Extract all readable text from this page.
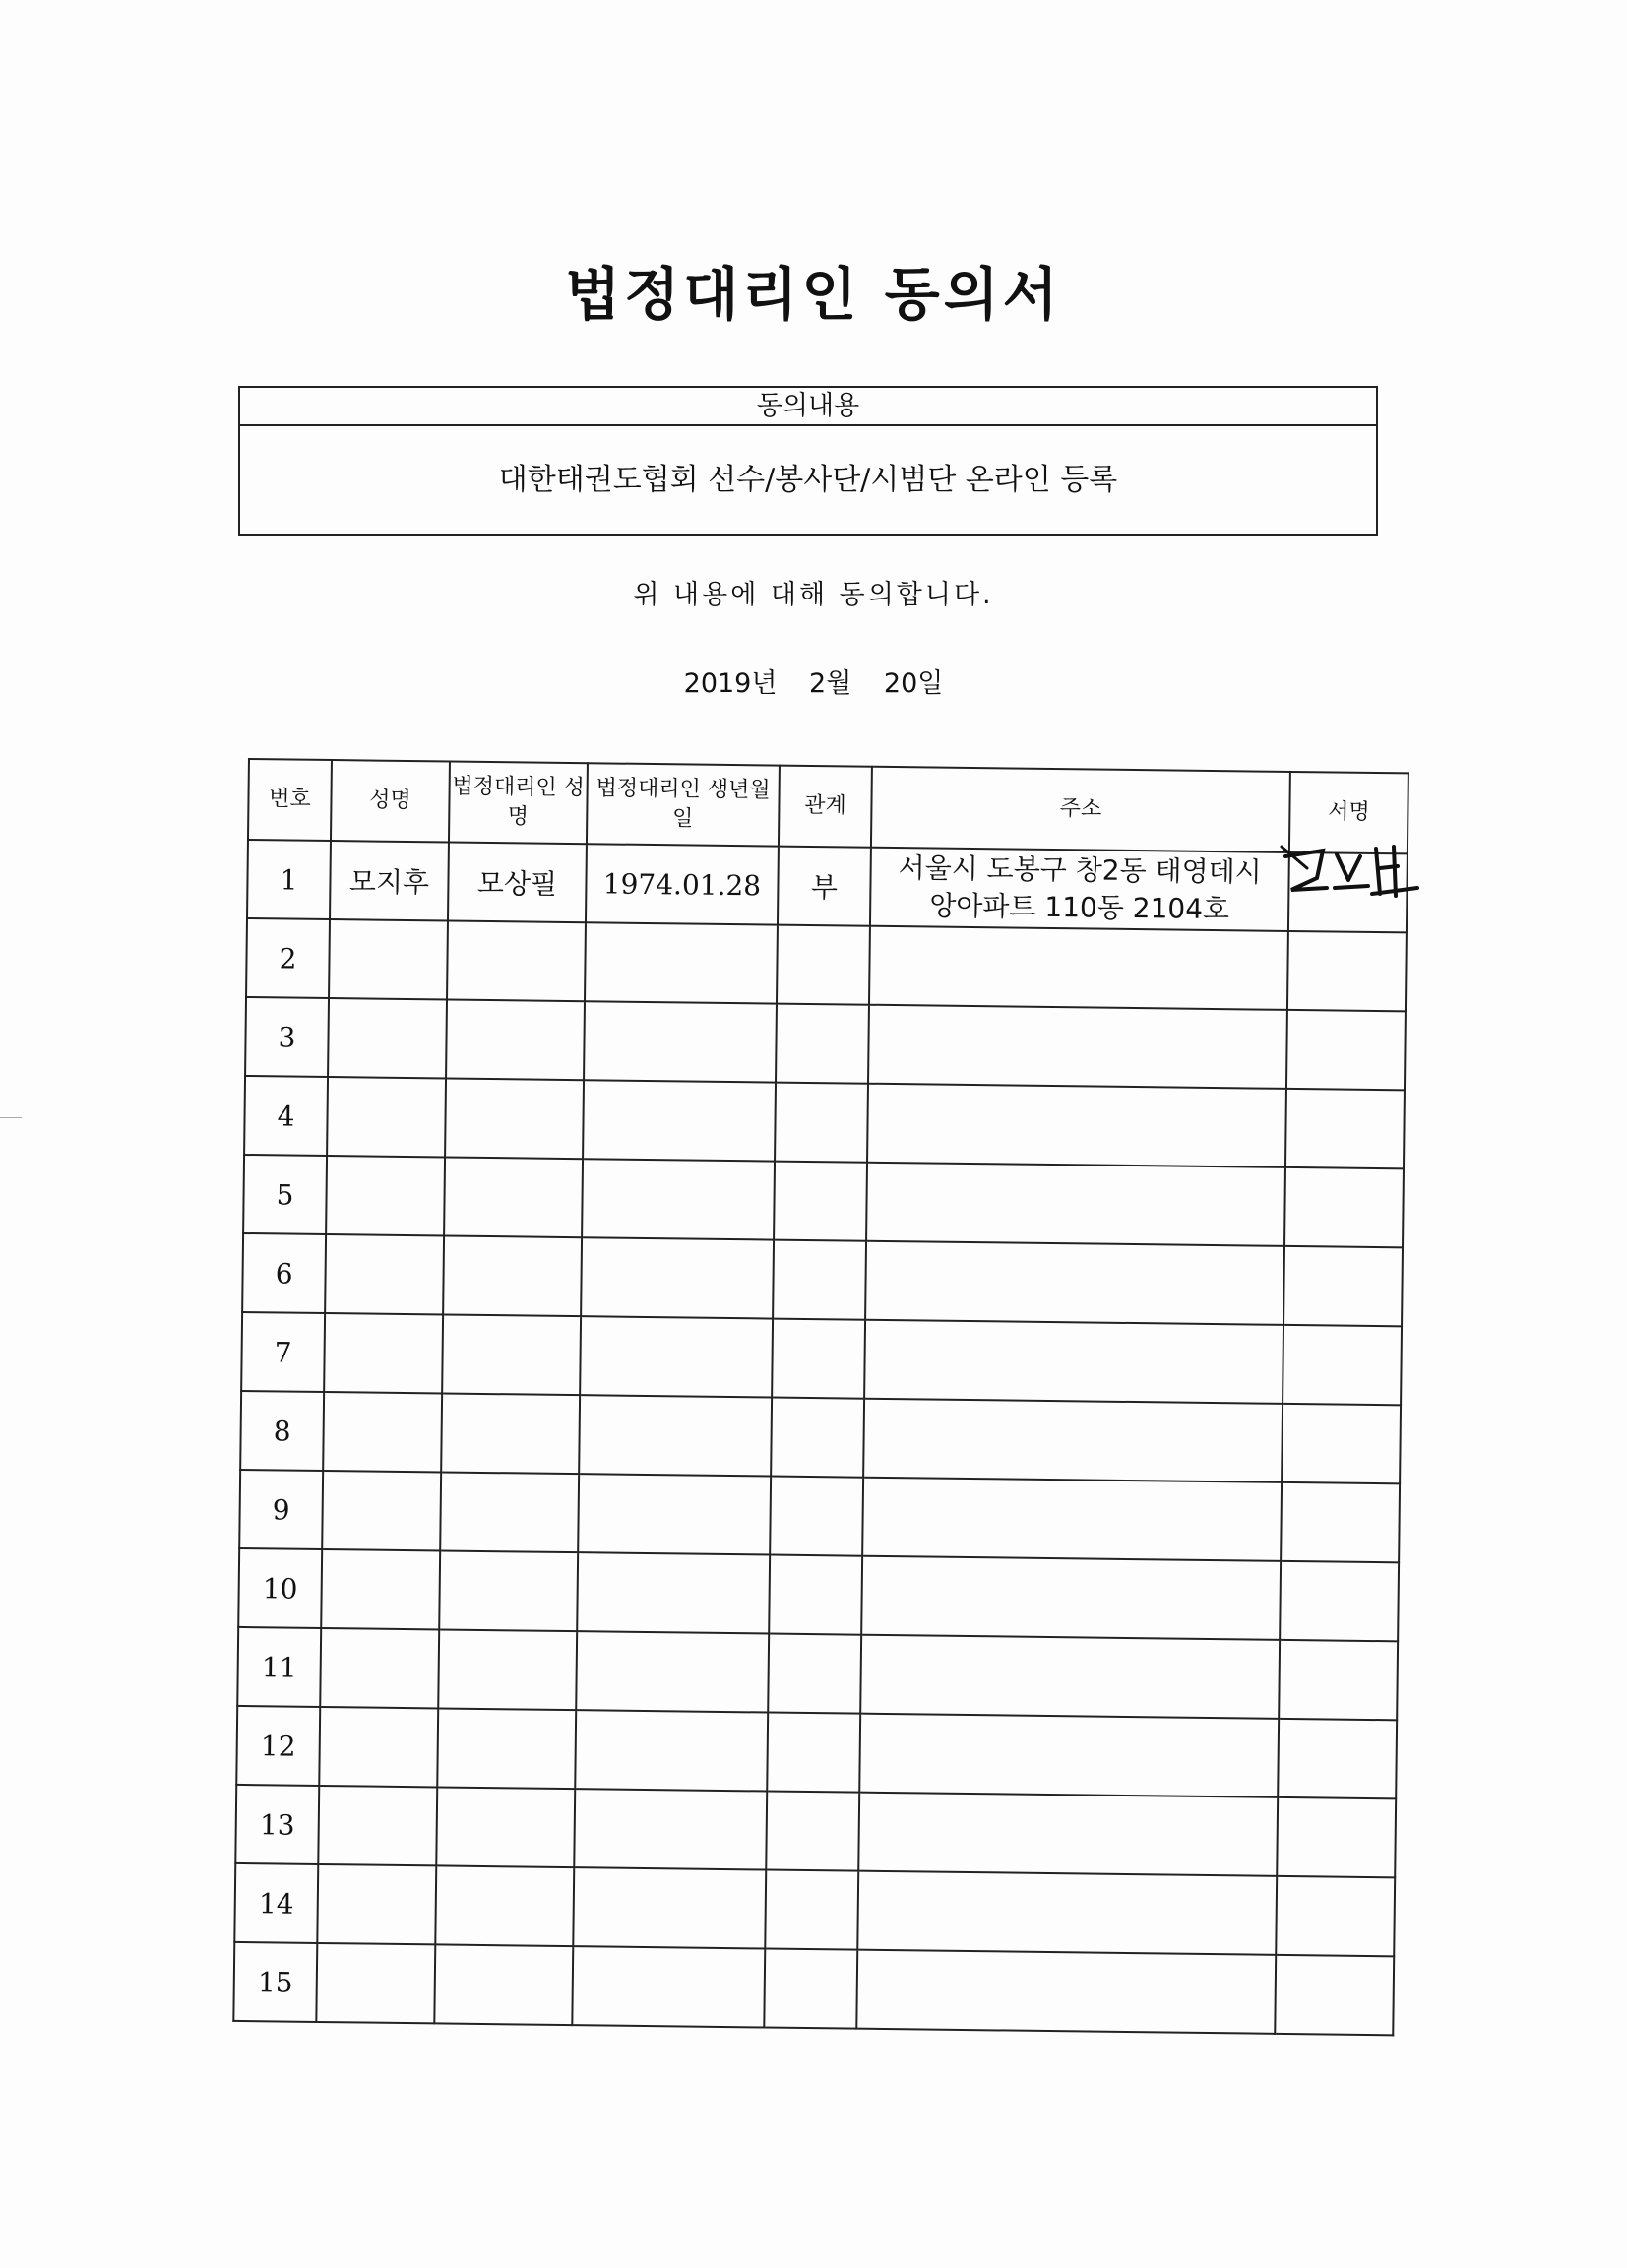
법정대리인 동의서
동의내용
대한태권도협회 선수/봉사단/시범단 온라인 등록
위 내용에 대해 동의합니다.
2019년 2월 20일
번호	성명	법정대리인 성명	법정대리인 생년월일	관계	주소	서명
1	모지후	모상필	1974.01.28	부	서울시 도봉구 창2동 태영데시
앙아파트 110동 2104호	

2						
3						
4						
5						
6						
7						
8						
9						
10						
11						
12						
13						
14						
15						
